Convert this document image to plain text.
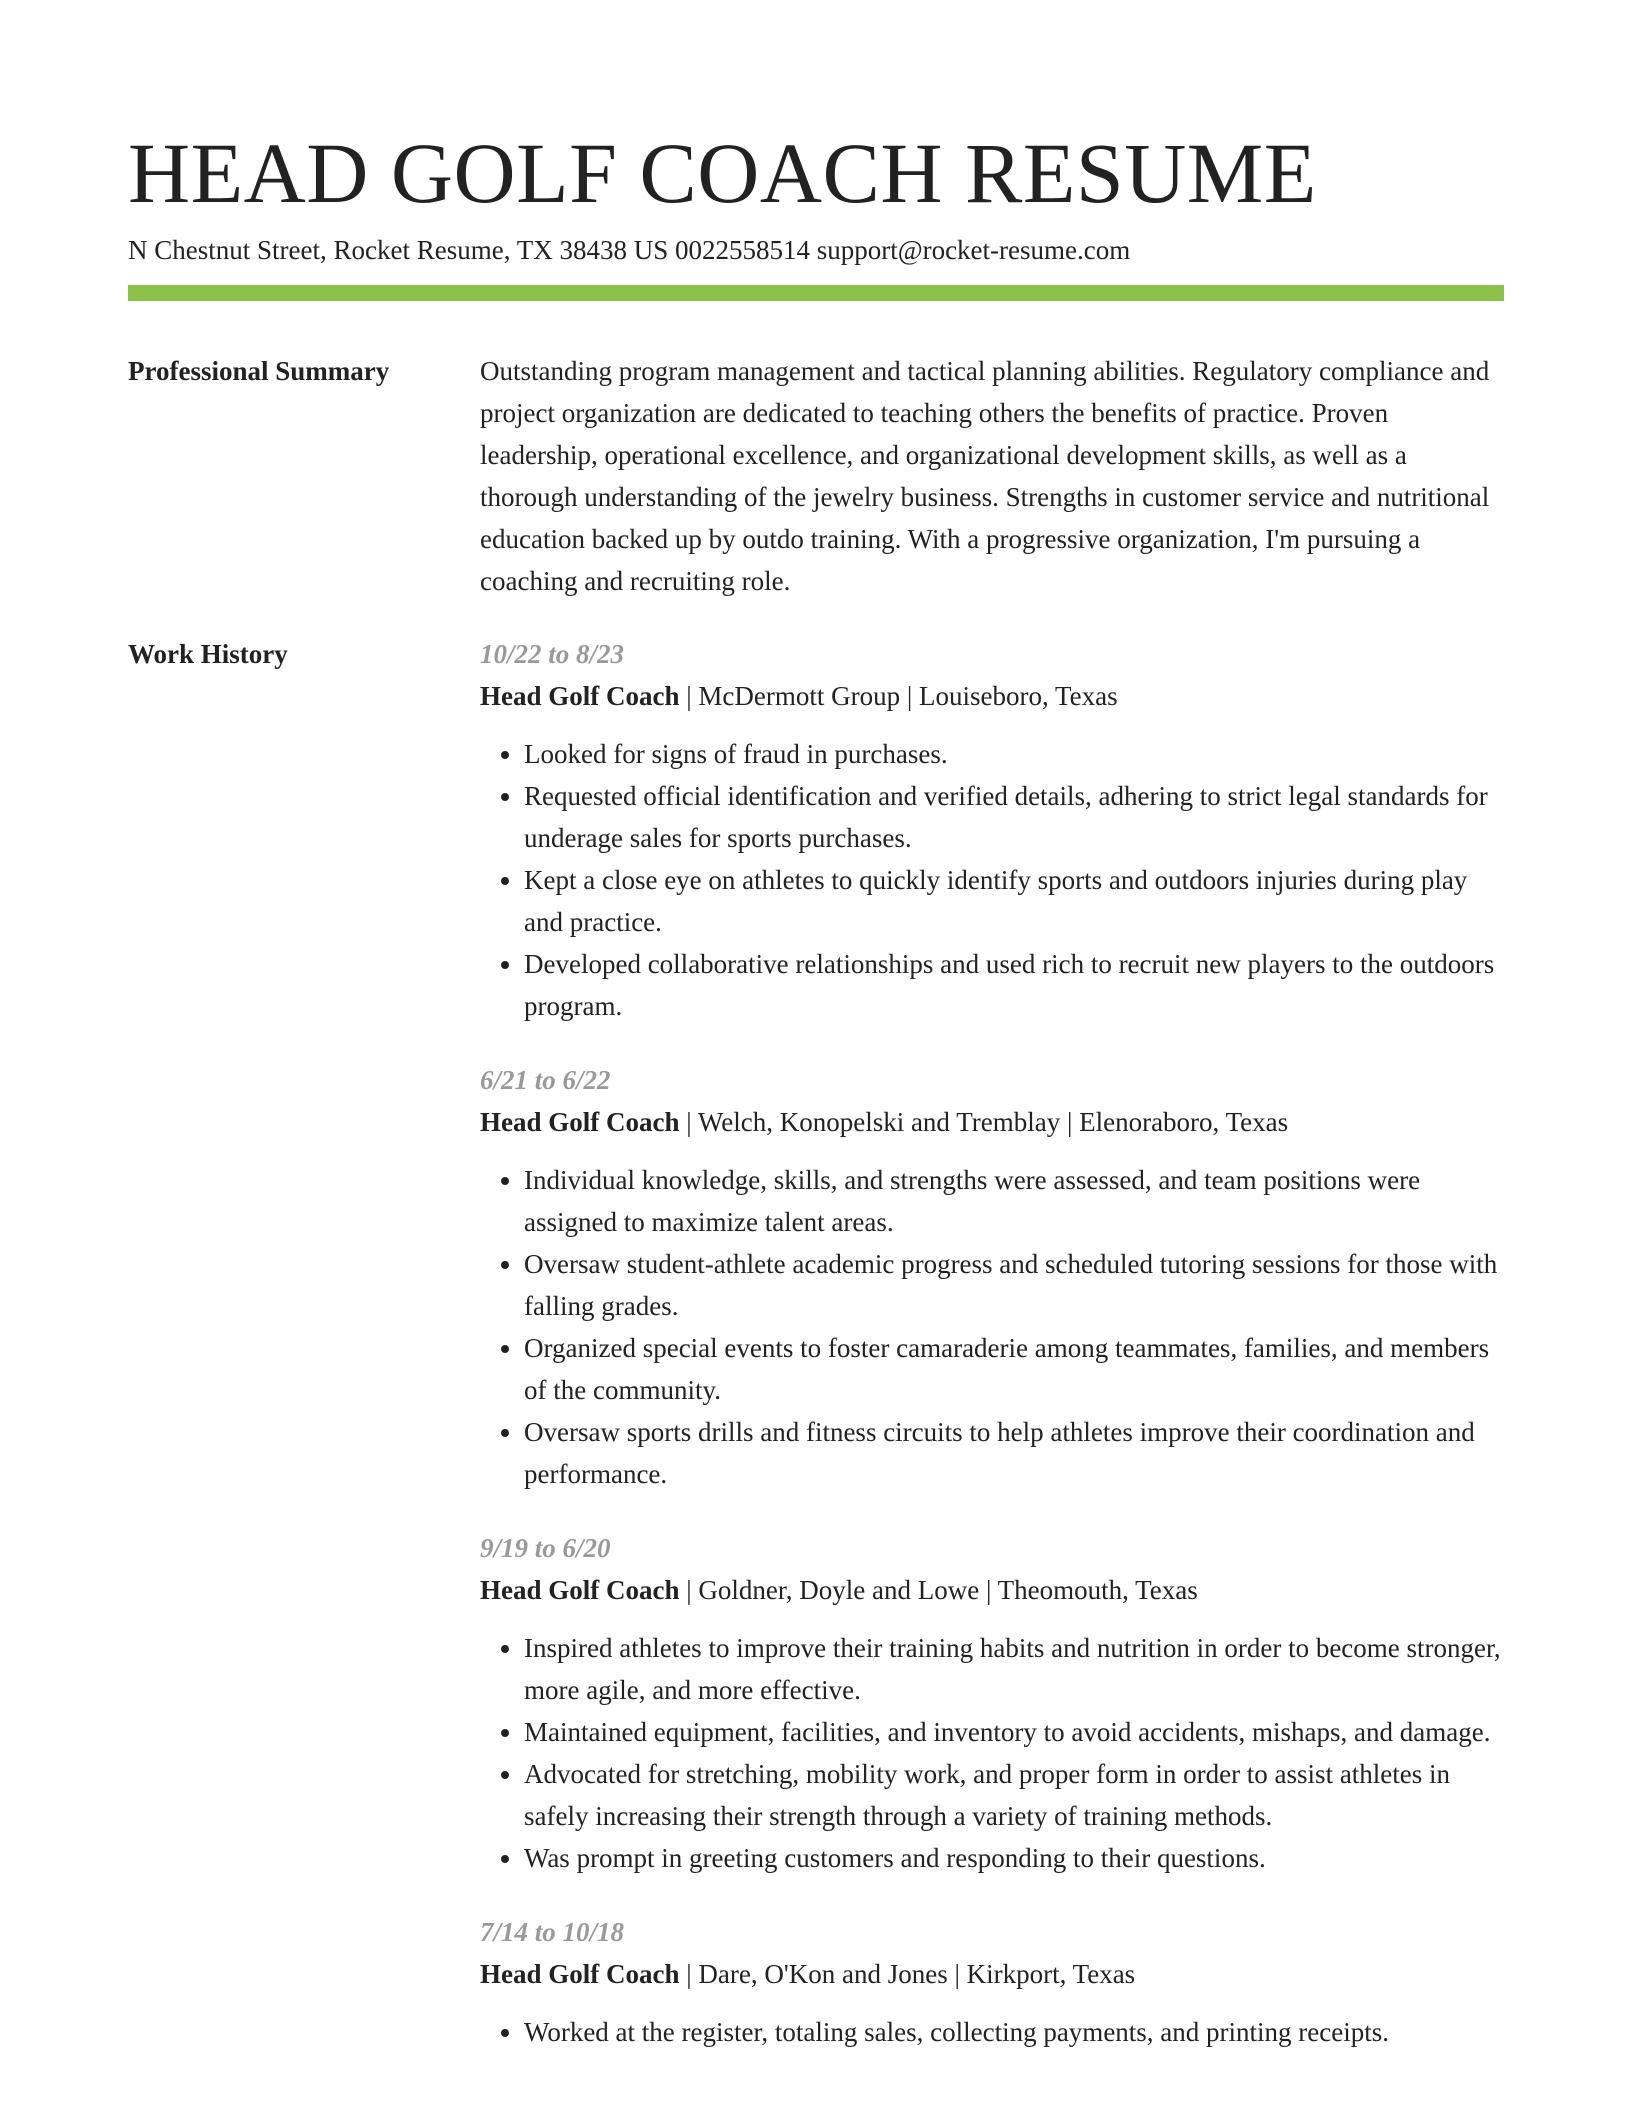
HEAD GOLF COACH RESUME
N Chestnut Street, Rocket Resume, TX 38438 US 0022558514 support@rocket-resume.com
Professional Summary	Outstanding program management and tactical planning abilities. Regulatory compliance and project organization are dedicated to teaching others the benefits of practice. Proven leadership, operational excellence, and organizational development skills, as well as a thorough understanding of the jewelry business. Strengths in customer service and nutritional education backed up by outdo training. With a progressive organization, I'm pursuing a coaching and recruiting role.

Work History	10/22 to 8/23
Head Golf Coach | McDermott Group | Louiseboro, Texas
• Looked for signs of fraud in purchases.
• Requested official identification and verified details, adhering to strict legal standards for underage sales for sports purchases.
• Kept a close eye on athletes to quickly identify sports and outdoors injuries during play and practice.
• Developed collaborative relationships and used rich to recruit new players to the outdoors program.
6/21 to 6/22
Head Golf Coach | Welch, Konopelski and Tremblay | Elenoraboro, Texas
• Individual knowledge, skills, and strengths were assessed, and team positions were assigned to maximize talent areas.
• Oversaw student-athlete academic progress and scheduled tutoring sessions for those with falling grades.
• Organized special events to foster camaraderie among teammates, families, and members of the community.
• Oversaw sports drills and fitness circuits to help athletes improve their coordination and performance.
9/19 to 6/20
Head Golf Coach | Goldner, Doyle and Lowe | Theomouth, Texas
• Inspired athletes to improve their training habits and nutrition in order to become stronger, more agile, and more effective.
• Maintained equipment, facilities, and inventory to avoid accidents, mishaps, and damage.
• Advocated for stretching, mobility work, and proper form in order to assist athletes in safely increasing their strength through a variety of training methods.
• Was prompt in greeting customers and responding to their questions.
7/14 to 10/18
Head Golf Coach | Dare, O'Kon and Jones | Kirkport, Texas
• Worked at the register, totaling sales, collecting payments, and printing receipts.
